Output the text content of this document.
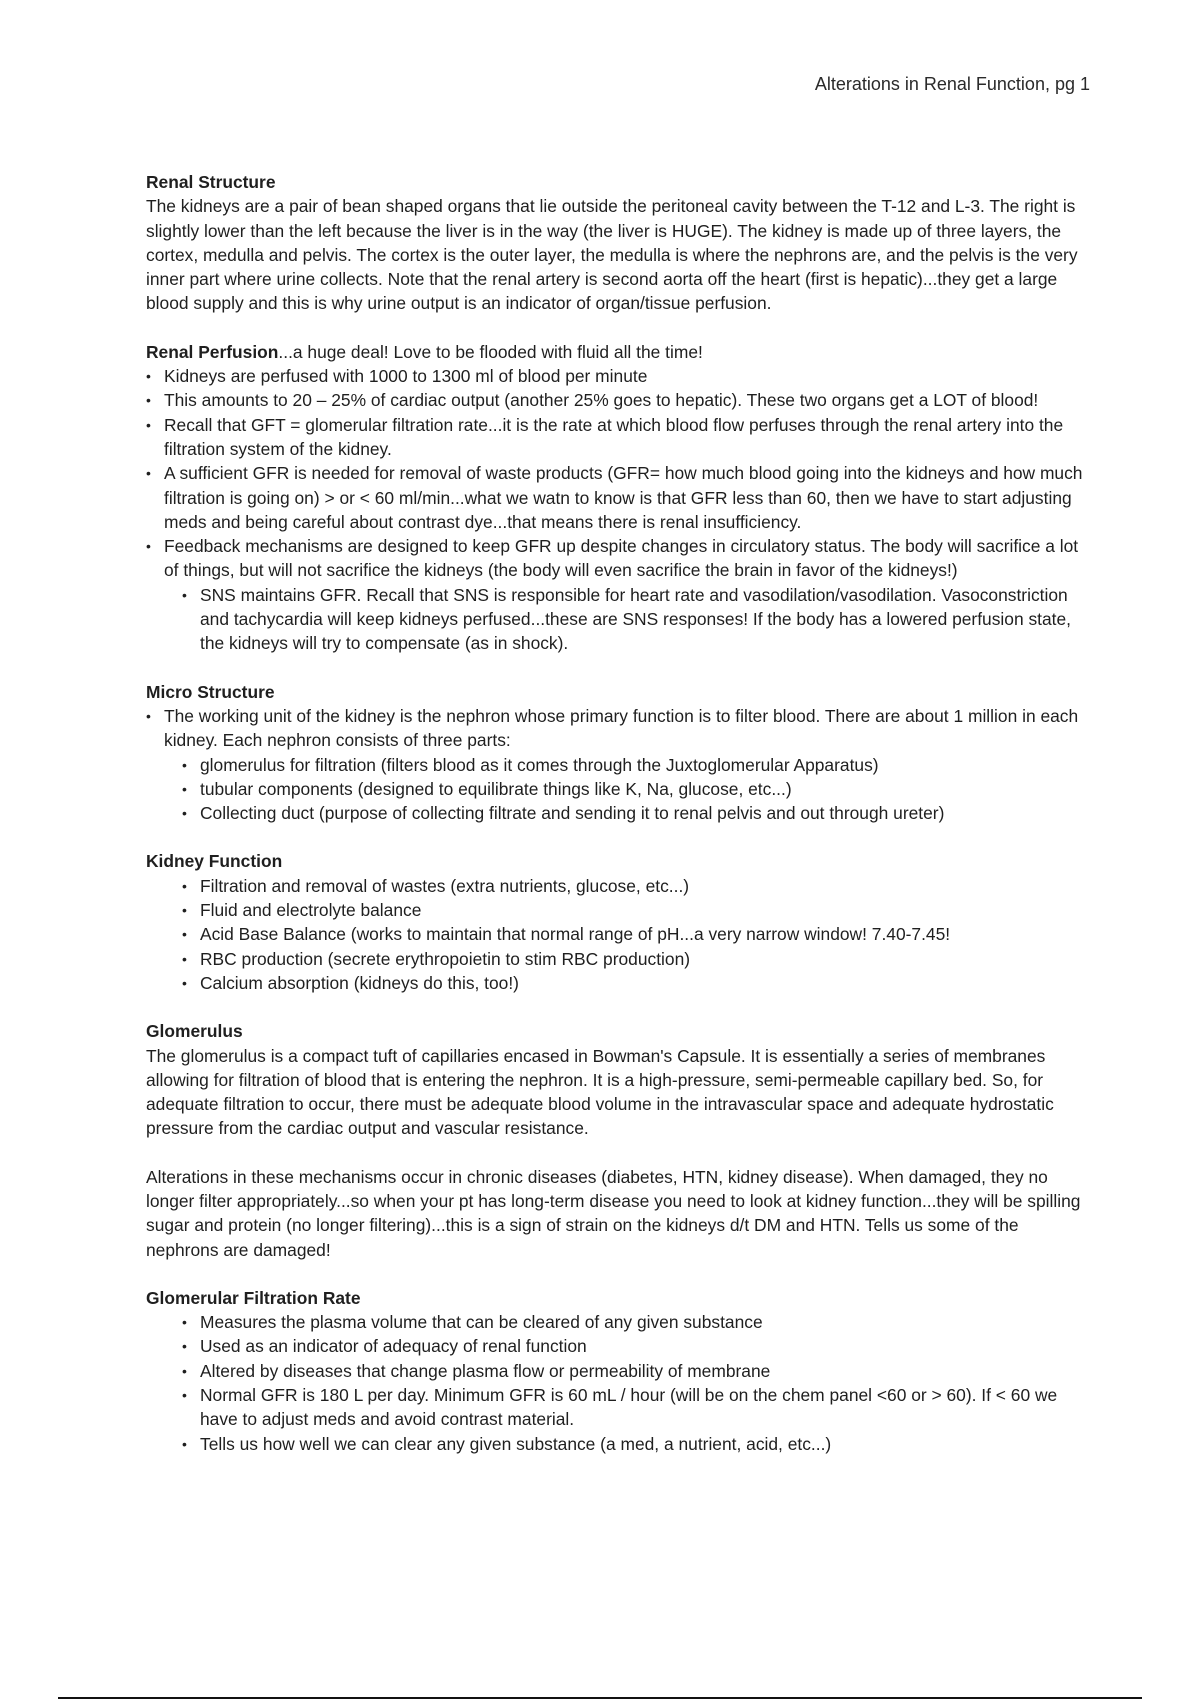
Alterations in Renal Function, pg 1
Renal Structure

The kidneys are a pair of bean shaped organs that lie outside the peritoneal cavity between the T-12 and L-3. The right is slightly lower than the left because the liver is in the way (the liver is HUGE). The kidney is made up of three layers, the cortex, medulla and pelvis. The cortex is the outer layer, the medulla is where the nephrons are, and the pelvis is the very inner part where urine collects. Note that the renal artery is second aorta off the heart (first is hepatic)...they get a large blood supply and this is why urine output is an indicator of organ/tissue perfusion.

Renal Perfusion...a huge deal! Love to be flooded with fluid all the time!

• Kidneys are perfused with 1000 to 1300 ml of blood per minute
• This amounts to 20 – 25% of cardiac output (another 25% goes to hepatic). These two organs get a LOT of blood!
• Recall that GFT = glomerular filtration rate...it is the rate at which blood flow perfuses through the renal artery into the filtration system of the kidney.
• A sufficient GFR is needed for removal of waste products (GFR= how much blood going into the kidneys and how much filtration is going on) > or < 60 ml/min...what we watn to know is that GFR less than 60, then we have to start adjusting meds and being careful about contrast dye...that means there is renal insufficiency.
• Feedback mechanisms are designed to keep GFR up despite changes in circulatory status. The body will sacrifice a lot of things, but will not sacrifice the kidneys (the body will even sacrifice the brain in favor of the kidneys!)
• SNS maintains GFR. Recall that SNS is responsible for heart rate and vasodilation/vasodilation. Vasoconstriction and tachycardia will keep kidneys perfused...these are SNS responses! If the body has a lowered perfusion state, the kidneys will try to compensate (as in shock).
Micro Structure
• The working unit of the kidney is the nephron whose primary function is to filter blood. There are about 1 million in each kidney. Each nephron consists of three parts:
• glomerulus for filtration (filters blood as it comes through the Juxtoglomerular Apparatus)
• tubular components (designed to equilibrate things like K, Na, glucose, etc...)
• Collecting duct (purpose of collecting filtrate and sending it to renal pelvis and out through ureter)
Kidney Function
• Filtration and removal of wastes (extra nutrients, glucose, etc...)
• Fluid and electrolyte balance
• Acid Base Balance (works to maintain that normal range of pH...a very narrow window! 7.40-7.45!
• RBC production (secrete erythropoietin to stim RBC production)
• Calcium absorption (kidneys do this, too!)
Glomerulus

The glomerulus is a compact tuft of capillaries encased in Bowman's Capsule. It is essentially a series of membranes allowing for filtration of blood that is entering the nephron. It is a high-pressure, semi-permeable capillary bed. So, for adequate filtration to occur, there must be adequate blood volume in the intravascular space and adequate hydrostatic pressure from the cardiac output and vascular resistance.

Alterations in these mechanisms occur in chronic diseases (diabetes, HTN, kidney disease). When damaged, they no longer filter appropriately...so when your pt has long-term disease you need to look at kidney function...they will be spilling sugar and protein (no longer filtering)...this is a sign of strain on the kidneys d/t DM and HTN. Tells us some of the nephrons are damaged!

Glomerular Filtration Rate
• Measures the plasma volume that can be cleared of any given substance
• Used as an indicator of adequacy of renal function
• Altered by diseases that change plasma flow or permeability of membrane
• Normal GFR is 180 L per day. Minimum GFR is 60 mL / hour (will be on the chem panel <60 or > 60). If < 60 we have to adjust meds and avoid contrast material.
• Tells us how well we can clear any given substance (a med, a nutrient, acid, etc...)
